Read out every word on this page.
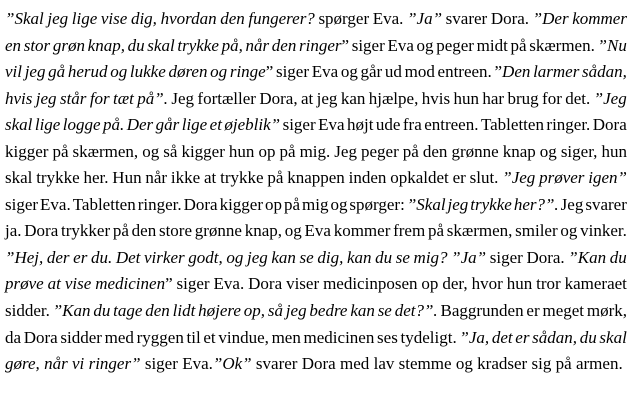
”Skal jeg lige vise dig, hvordan den fungerer? spørger Eva. ”Ja” svarer Dora. ”Der kommer
en stor grøn knap, du skal trykke på, når den ringer” siger Eva og peger midt på skærmen. ”Nu
vil jeg gå herud og lukke døren og ringe” siger Eva og går ud mod entreen. ”Den larmer sådan,
hvis jeg står for tæt på”. Jeg fortæller Dora, at jeg kan hjælpe, hvis hun har brug for det. ”Jeg
skal lige logge på. Der går lige et øjeblik” siger Eva højt ude fra entreen. Tabletten ringer. Dora
kigger på skærmen, og så kigger hun op på mig. Jeg peger på den grønne knap og siger, hun
skal trykke her. Hun når ikke at trykke på knappen inden opkaldet er slut. ”Jeg prøver igen”
siger Eva. Tabletten ringer. Dora kigger op på mig og spørger: ”Skal jeg trykke her?”. Jeg svarer
ja. Dora trykker på den store grønne knap, og Eva kommer frem på skærmen, smiler og vinker.
”Hej, der er du. Det virker godt, og jeg kan se dig, kan du se mig? ”Ja” siger Dora. ”Kan du
prøve at vise medicinen” siger Eva. Dora viser medicinposen op der, hvor hun tror kameraet
sidder. ”Kan du tage den lidt højere op, så jeg bedre kan se det?”. Baggrunden er meget mørk,
da Dora sidder med ryggen til et vindue, men medicinen ses tydeligt. ”Ja, det er sådan, du skal
gøre, når vi ringer” siger Eva.”Ok” svarer Dora med lav stemme og kradser sig på armen.
